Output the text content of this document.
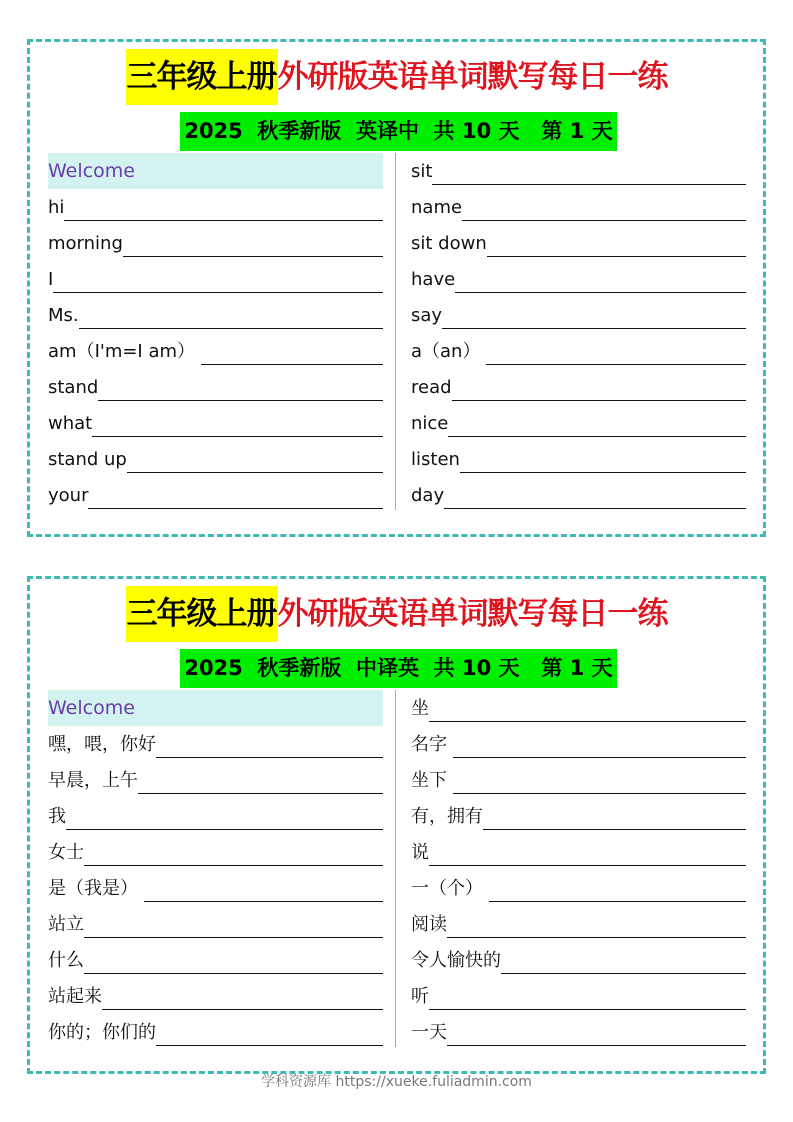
三年级上册外研版英语单词默写每日一练
2025  秋季新版  英译中  共 10 天   第 1 天
Welcome
hi
morning
I
Ms.
am（I'm=I am）
stand
what
stand up
your
sit
name
sit down
have
say
a（an）
read
nice
listen
day
三年级上册外研版英语单词默写每日一练
2025  秋季新版  中译英  共 10 天   第 1 天
Welcome
嘿，喂，你好
早晨，上午
我
女士
是（我是）
站立
什么
站起来
你的；你们的
坐
名字
坐下
有，拥有
说
一（个）
阅读
令人愉快的
听
一天
学科资源库 https://xueke.fuliadmin.com
